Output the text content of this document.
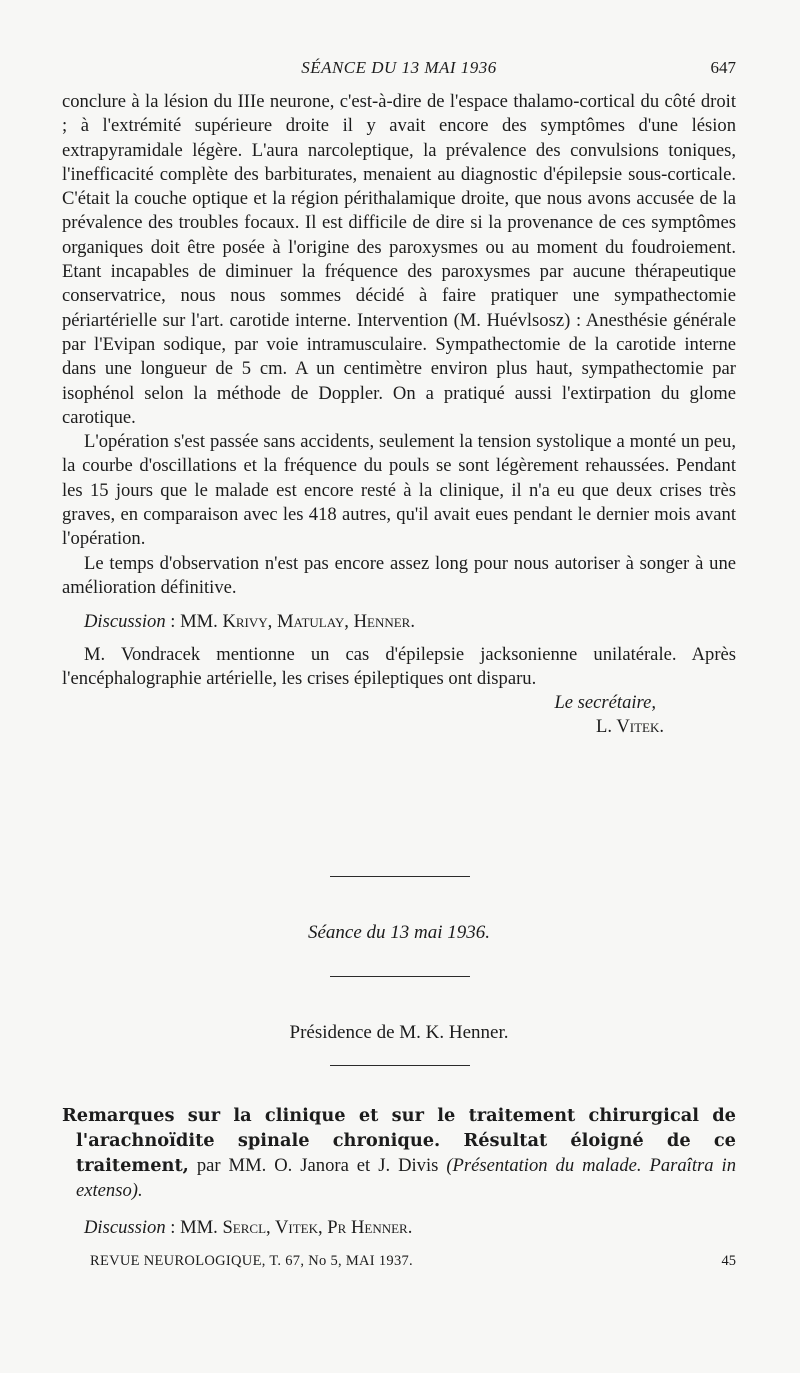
SÉANCE DU 13 MAI 1936	647

conclure à la lésion du IIIe neurone, c'est-à-dire de l'espace thalamo-cortical du côté droit ; à l'extrémité supérieure droite il y avait encore des symptômes d'une lésion extrapyramidale légère. L'aura narcoleptique, la prévalence des convulsions toniques, l'inefficacité complète des barbiturates, menaient au diagnostic d'épilepsie sous-corticale. C'était la couche optique et la région périthalamique droite, que nous avons accusée de la prévalence des troubles focaux. Il est difficile de dire si la provenance de ces symptômes organiques doit être posée à l'origine des paroxysmes ou au moment du foudroiement. Etant incapables de diminuer la fréquence des paroxysmes par aucune thérapeutique conservatrice, nous nous sommes décidé à faire pratiquer une sympathectomie périartérielle sur l'art. carotide interne. Intervention (M. Huévlsosz) : Anesthésie générale par l'Evipan sodique, par voie intramusculaire. Sympathectomie de la carotide interne dans une longueur de 5 cm. A un centimètre environ plus haut, sympathectomie par isophénol selon la méthode de Doppler. On a pratiqué aussi l'extirpation du glome carotique.

L'opération s'est passée sans accidents, seulement la tension systolique a monté un peu, la courbe d'oscillations et la fréquence du pouls se sont légèrement rehaussées. Pendant les 15 jours que le malade est encore resté à la clinique, il n'a eu que deux crises très graves, en comparaison avec les 418 autres, qu'il avait eues pendant le dernier mois avant l'opération.

Le temps d'observation n'est pas encore assez long pour nous autoriser à songer à une amélioration définitive.

Discussion : MM. Krivy, Matulay, Henner.

M. Vondracek mentionne un cas d'épilepsie jacksonienne unilatérale. Après l'encéphalographie artérielle, les crises épileptiques ont disparu.

Le secrétaire,
L. Vitek.

Séance du 13 mai 1936.
Présidence de M. K. Henner.

Remarques sur la clinique et sur le traitement chirurgical de l'arachnoïdite spinale chronique. Résultat éloigné de ce traitement, par MM. O. Janora et J. Divis (Présentation du malade. Paraîtra in extenso).

Discussion : MM. Sercl, Vitek, Pr Henner.

REVUE NEUROLOGIQUE, T. 67, No 5, MAI 1937.	45
